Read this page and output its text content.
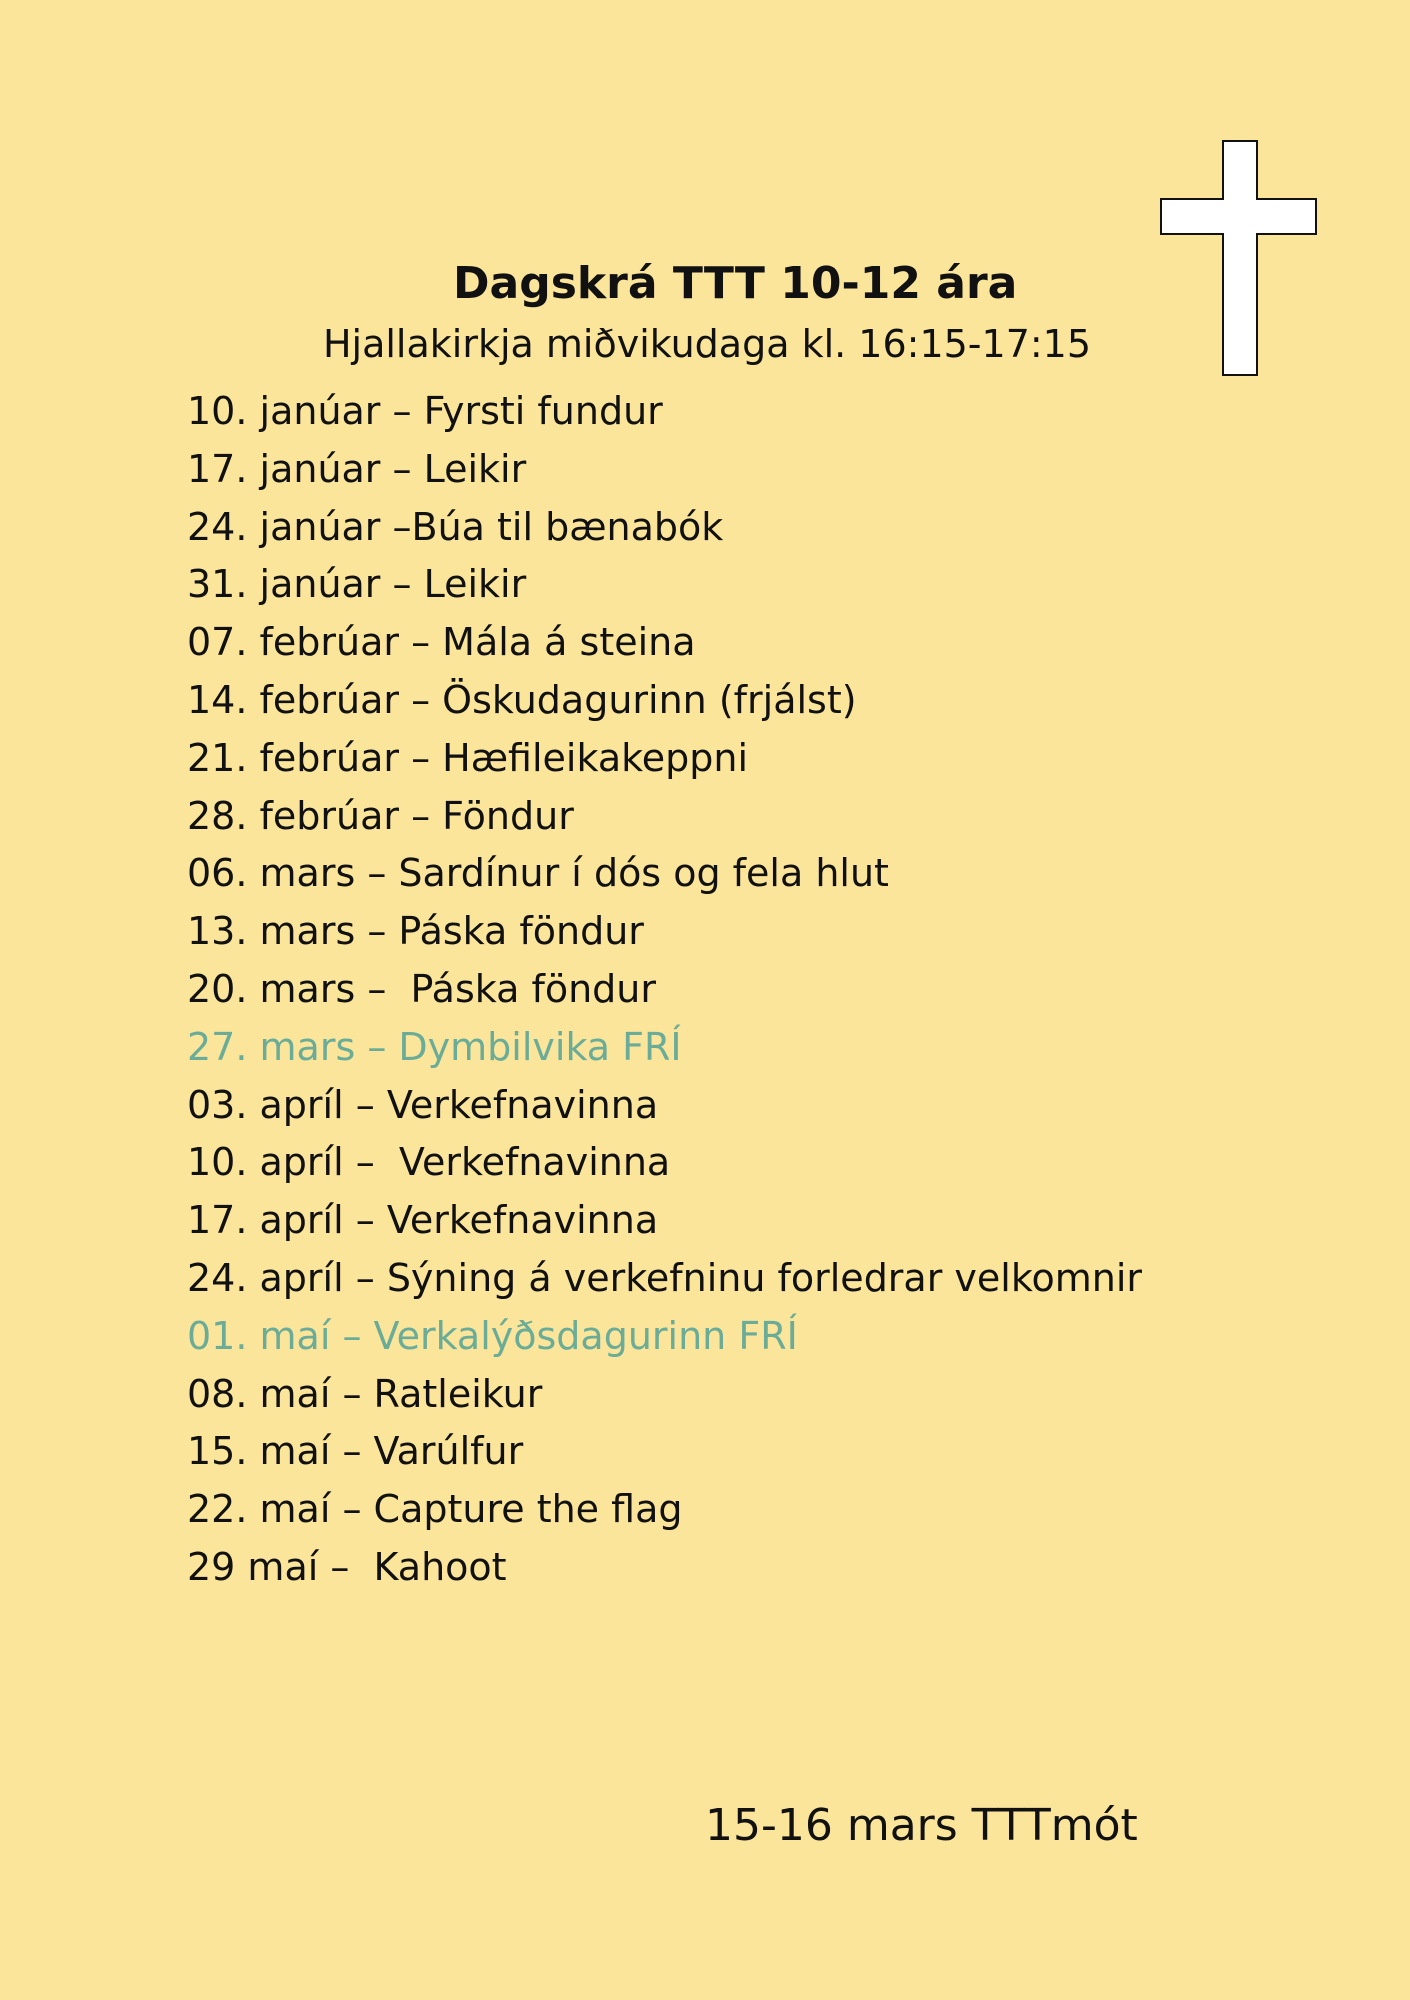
Dagskrá TTT 10-12 ára
Hjallakirkja miðvikudaga kl. 16:15-17:15
10. janúar – Fyrsti fundur
17. janúar – Leikir
24. janúar –Búa til bænabók
31. janúar – Leikir
07. febrúar – Mála á steina
14. febrúar – Öskudagurinn (frjálst)
21. febrúar – Hæfileikakeppni
28. febrúar – Föndur
06. mars – Sardínur í dós og fela hlut
13. mars – Páska föndur
20. mars –  Páska föndur
27. mars – Dymbilvika FRÍ
03. apríl – Verkefnavinna
10. apríl –  Verkefnavinna
17. apríl – Verkefnavinna
24. apríl – Sýning á verkefninu forledrar velkomnir
01. maí – Verkalýðsdagurinn FRÍ
08. maí – Ratleikur
15. maí – Varúlfur
22. maí – Capture the flag
29 maí –  Kahoot
15-16 mars TTTmót
